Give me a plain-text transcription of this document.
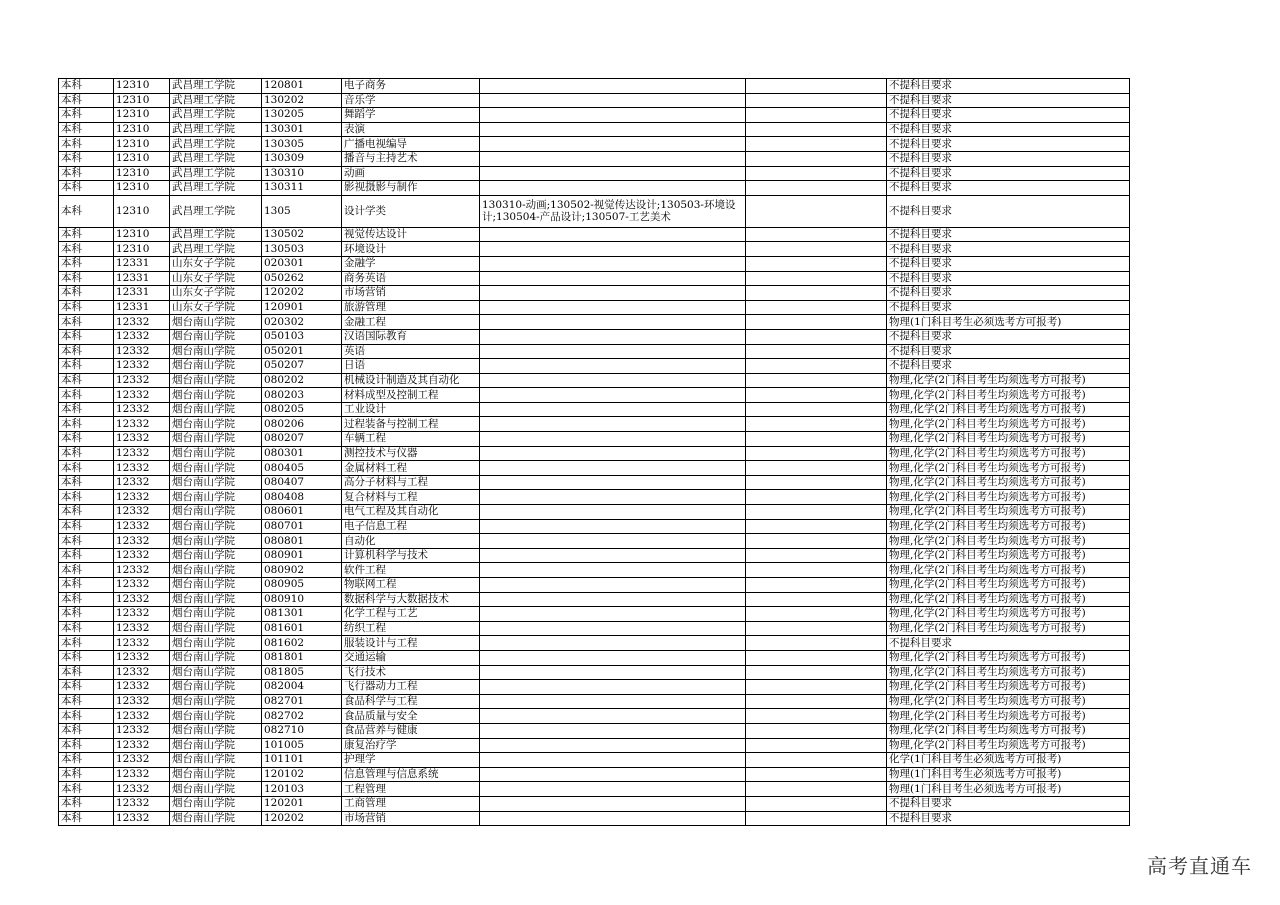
本科	12310	武昌理工学院	120801	电子商务			不提科目要求
本科	12310	武昌理工学院	130202	音乐学			不提科目要求
本科	12310	武昌理工学院	130205	舞蹈学			不提科目要求
本科	12310	武昌理工学院	130301	表演			不提科目要求
本科	12310	武昌理工学院	130305	广播电视编导			不提科目要求
本科	12310	武昌理工学院	130309	播音与主持艺术			不提科目要求
本科	12310	武昌理工学院	130310	动画			不提科目要求
本科	12310	武昌理工学院	130311	影视摄影与制作			不提科目要求
本科	12310	武昌理工学院	1305	设计学类	130310-动画;130502-视觉传达设计;130503-环境设计;130504-产品设计;130507-工艺美术		不提科目要求
本科	12310	武昌理工学院	130502	视觉传达设计			不提科目要求
本科	12310	武昌理工学院	130503	环境设计			不提科目要求
本科	12331	山东女子学院	020301	金融学			不提科目要求
本科	12331	山东女子学院	050262	商务英语			不提科目要求
本科	12331	山东女子学院	120202	市场营销			不提科目要求
本科	12331	山东女子学院	120901	旅游管理			不提科目要求
本科	12332	烟台南山学院	020302	金融工程			物理(1门科目考生必须选考方可报考)
本科	12332	烟台南山学院	050103	汉语国际教育			不提科目要求
本科	12332	烟台南山学院	050201	英语			不提科目要求
本科	12332	烟台南山学院	050207	日语			不提科目要求
本科	12332	烟台南山学院	080202	机械设计制造及其自动化			物理,化学(2门科目考生均须选考方可报考)
本科	12332	烟台南山学院	080203	材料成型及控制工程			物理,化学(2门科目考生均须选考方可报考)
本科	12332	烟台南山学院	080205	工业设计			物理,化学(2门科目考生均须选考方可报考)
本科	12332	烟台南山学院	080206	过程装备与控制工程			物理,化学(2门科目考生均须选考方可报考)
本科	12332	烟台南山学院	080207	车辆工程			物理,化学(2门科目考生均须选考方可报考)
本科	12332	烟台南山学院	080301	测控技术与仪器			物理,化学(2门科目考生均须选考方可报考)
本科	12332	烟台南山学院	080405	金属材料工程			物理,化学(2门科目考生均须选考方可报考)
本科	12332	烟台南山学院	080407	高分子材料与工程			物理,化学(2门科目考生均须选考方可报考)
本科	12332	烟台南山学院	080408	复合材料与工程			物理,化学(2门科目考生均须选考方可报考)
本科	12332	烟台南山学院	080601	电气工程及其自动化			物理,化学(2门科目考生均须选考方可报考)
本科	12332	烟台南山学院	080701	电子信息工程			物理,化学(2门科目考生均须选考方可报考)
本科	12332	烟台南山学院	080801	自动化			物理,化学(2门科目考生均须选考方可报考)
本科	12332	烟台南山学院	080901	计算机科学与技术			物理,化学(2门科目考生均须选考方可报考)
本科	12332	烟台南山学院	080902	软件工程			物理,化学(2门科目考生均须选考方可报考)
本科	12332	烟台南山学院	080905	物联网工程			物理,化学(2门科目考生均须选考方可报考)
本科	12332	烟台南山学院	080910	数据科学与大数据技术			物理,化学(2门科目考生均须选考方可报考)
本科	12332	烟台南山学院	081301	化学工程与工艺			物理,化学(2门科目考生均须选考方可报考)
本科	12332	烟台南山学院	081601	纺织工程			物理,化学(2门科目考生均须选考方可报考)
本科	12332	烟台南山学院	081602	服装设计与工程			不提科目要求
本科	12332	烟台南山学院	081801	交通运输			物理,化学(2门科目考生均须选考方可报考)
本科	12332	烟台南山学院	081805	飞行技术			物理,化学(2门科目考生均须选考方可报考)
本科	12332	烟台南山学院	082004	飞行器动力工程			物理,化学(2门科目考生均须选考方可报考)
本科	12332	烟台南山学院	082701	食品科学与工程			物理,化学(2门科目考生均须选考方可报考)
本科	12332	烟台南山学院	082702	食品质量与安全			物理,化学(2门科目考生均须选考方可报考)
本科	12332	烟台南山学院	082710	食品营养与健康			物理,化学(2门科目考生均须选考方可报考)
本科	12332	烟台南山学院	101005	康复治疗学			物理,化学(2门科目考生均须选考方可报考)
本科	12332	烟台南山学院	101101	护理学			化学(1门科目考生必须选考方可报考)
本科	12332	烟台南山学院	120102	信息管理与信息系统			物理(1门科目考生必须选考方可报考)
本科	12332	烟台南山学院	120103	工程管理			物理(1门科目考生必须选考方可报考)
本科	12332	烟台南山学院	120201	工商管理			不提科目要求
本科	12332	烟台南山学院	120202	市场营销			不提科目要求
高考直通车
